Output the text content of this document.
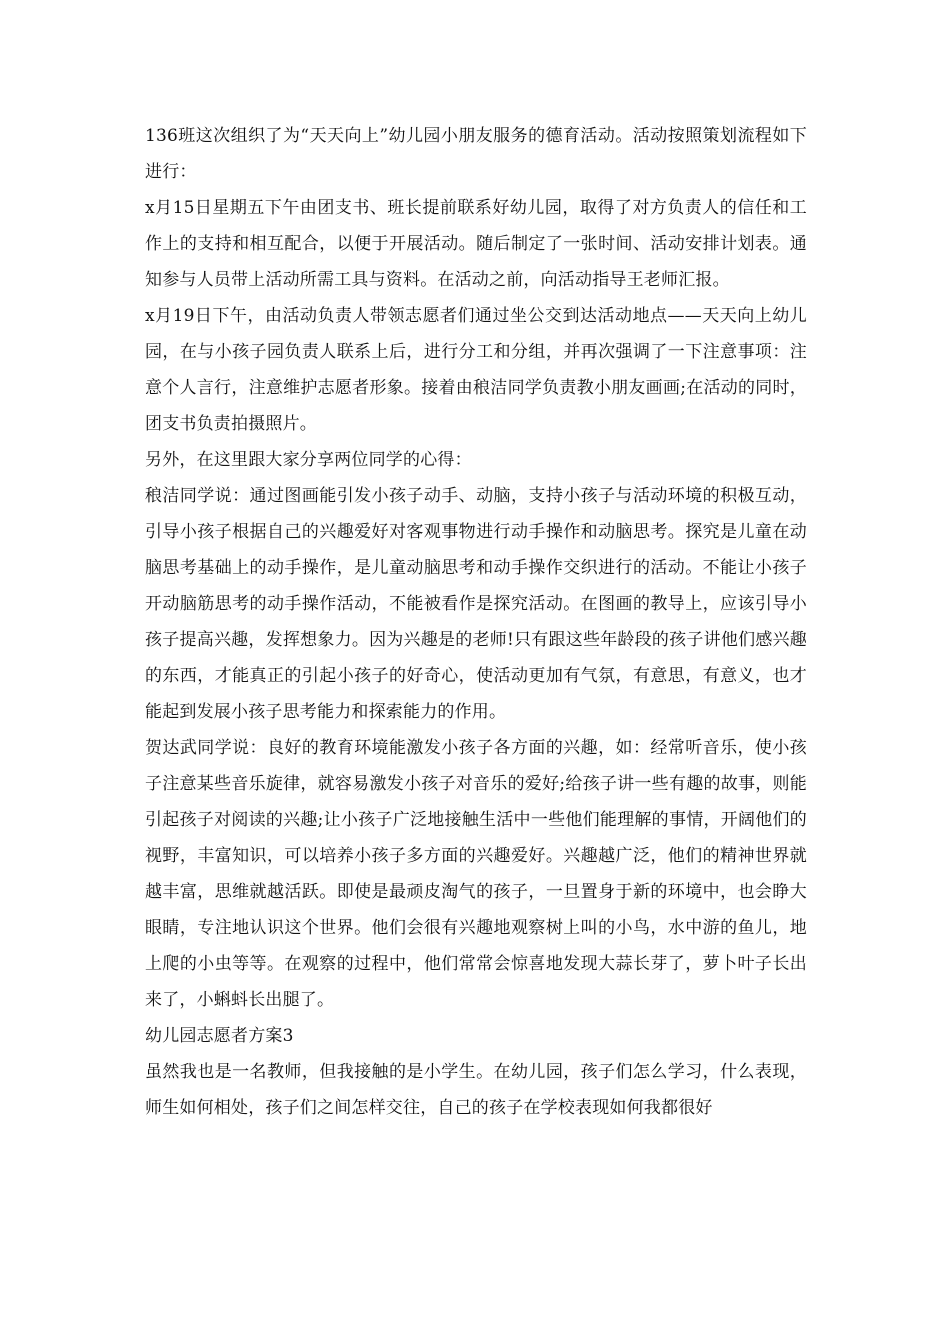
136班这次组织了为“天天向上”幼儿园小朋友服务的德育活动。活动按照策划流程如下进行：

x月15日星期五下午由团支书、班长提前联系好幼儿园，取得了对方负责人的信任和工作上的支持和相互配合，以便于开展活动。随后制定了一张时间、活动安排计划表。通知参与人员带上活动所需工具与资料。在活动之前，向活动指导王老师汇报。

x月19日下午，由活动负责人带领志愿者们通过坐公交到达活动地点——天天向上幼儿园，在与小孩子园负责人联系上后，进行分工和分组，并再次强调了一下注意事项：注意个人言行，注意维护志愿者形象。接着由稂洁同学负责教小朋友画画;在活动的同时，团支书负责拍摄照片。

另外，在这里跟大家分享两位同学的心得：

稂洁同学说：通过图画能引发小孩子动手、动脑，支持小孩子与活动环境的积极互动，引导小孩子根据自己的兴趣爱好对客观事物进行动手操作和动脑思考。探究是儿童在动脑思考基础上的动手操作，是儿童动脑思考和动手操作交织进行的活动。不能让小孩子开动脑筋思考的动手操作活动，不能被看作是探究活动。在图画的教导上，应该引导小孩子提高兴趣，发挥想象力。因为兴趣是的老师!只有跟这些年龄段的孩子讲他们感兴趣的东西，才能真正的引起小孩子的好奇心，使活动更加有气氛，有意思，有意义，也才能起到发展小孩子思考能力和探索能力的作用。

贺达武同学说：良好的教育环境能激发小孩子各方面的兴趣，如：经常听音乐，使小孩子注意某些音乐旋律，就容易激发小孩子对音乐的爱好;给孩子讲一些有趣的故事，则能引起孩子对阅读的兴趣;让小孩子广泛地接触生活中一些他们能理解的事情，开阔他们的视野，丰富知识，可以培养小孩子多方面的兴趣爱好。兴趣越广泛，他们的精神世界就越丰富，思维就越活跃。即使是最顽皮淘气的孩子，一旦置身于新的环境中，也会睁大眼睛，专注地认识这个世界。他们会很有兴趣地观察树上叫的小鸟，水中游的鱼儿，地上爬的小虫等等。在观察的过程中，他们常常会惊喜地发现大蒜长芽了，萝卜叶子长出来了，小蝌蚪长出腿了。

幼儿园志愿者方案3

虽然我也是一名教师，但我接触的是小学生。在幼儿园，孩子们怎么学习，什么表现，师生如何相处，孩子们之间怎样交往，自己的孩子在学校表现如何我都很好
